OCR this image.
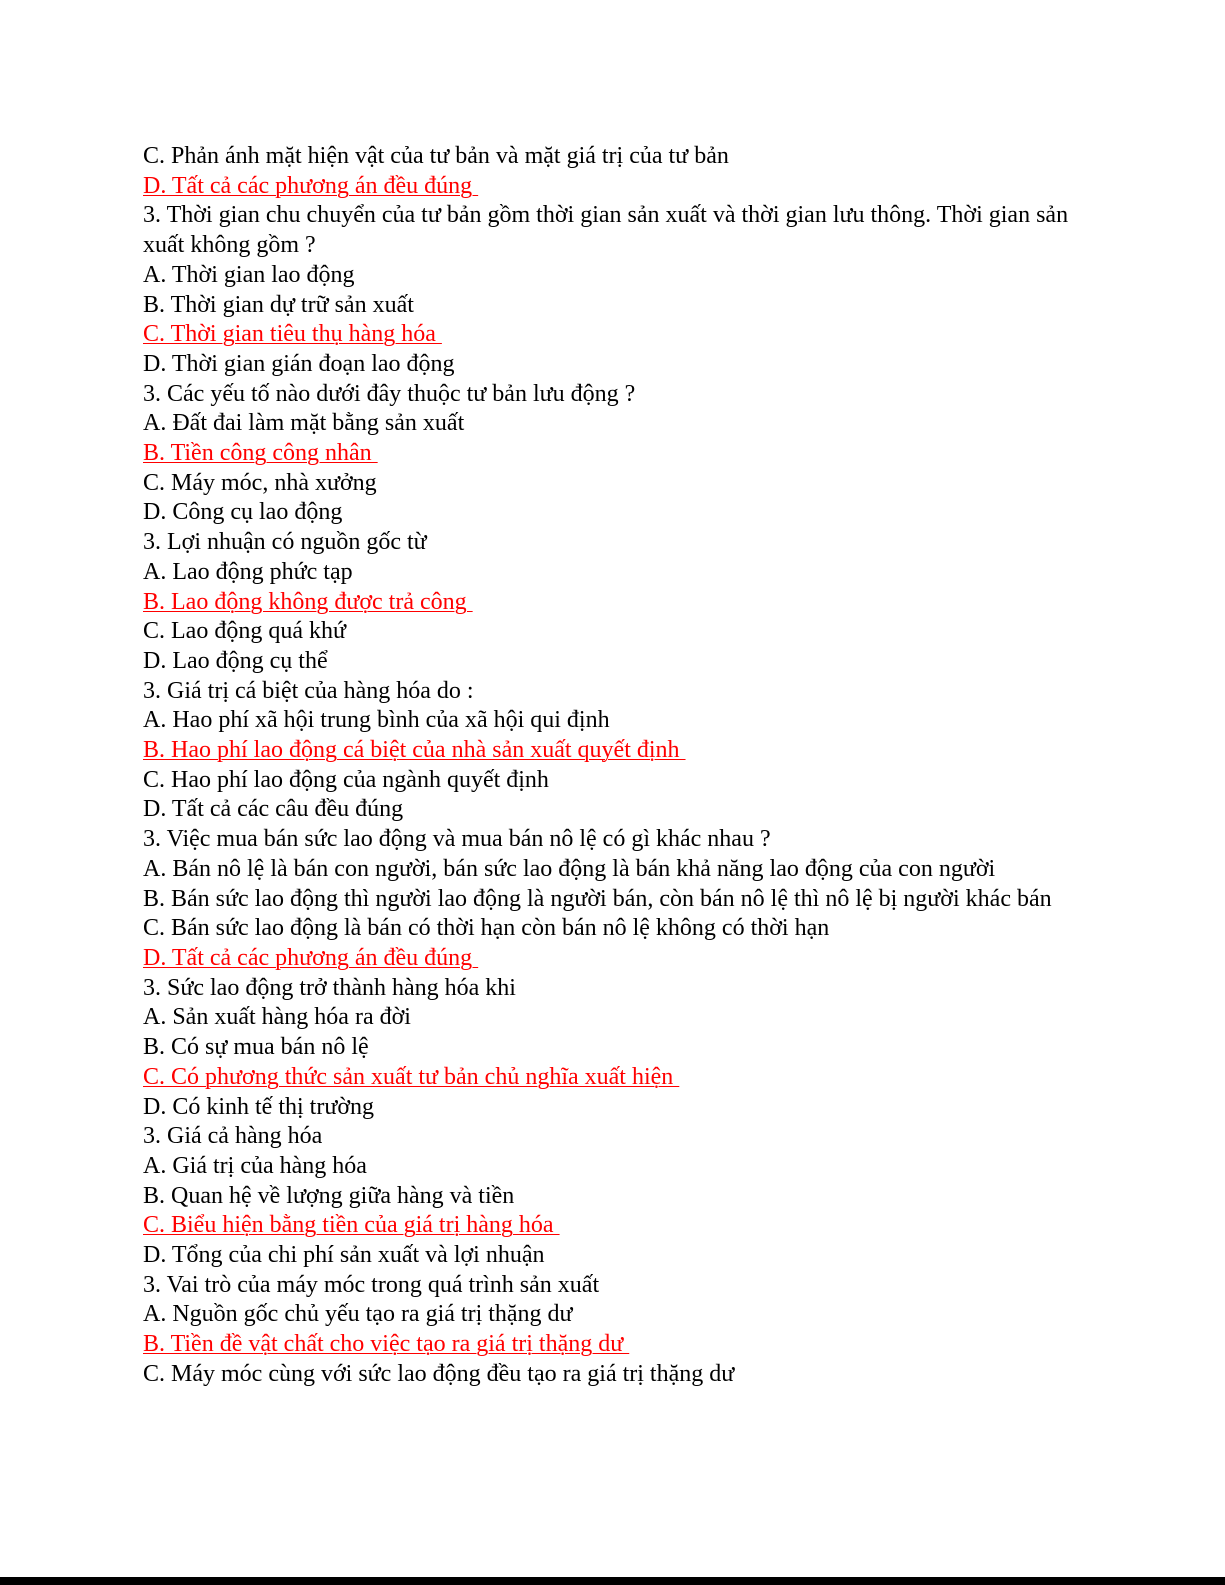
C. Phản ánh mặt hiện vật của tư bản và mặt giá trị của tư bản
D. Tất cả các phương án đều đúng
3. Thời gian chu chuyển của tư bản gồm thời gian sản xuất và thời gian lưu thông. Thời gian sản xuất không gồm ?
A. Thời gian lao động
B. Thời gian dự trữ sản xuất
C. Thời gian tiêu thụ hàng hóa
D. Thời gian gián đoạn lao động
3. Các yếu tố nào dưới đây thuộc tư bản lưu động ?
A. Đất đai làm mặt bằng sản xuất
B. Tiền công công nhân
C. Máy móc, nhà xưởng
D. Công cụ lao động
3. Lợi nhuận có nguồn gốc từ
A. Lao động phức tạp
B. Lao động không được trả công
C. Lao động quá khứ
D. Lao động cụ thể
3. Giá trị cá biệt của hàng hóa do :
A. Hao phí xã hội trung bình của xã hội qui định
B. Hao phí lao động cá biệt của nhà sản xuất quyết định
C. Hao phí lao động của ngành quyết định
D. Tất cả các câu đều đúng
3. Việc mua bán sức lao động và mua bán nô lệ có gì khác nhau ?
A. Bán nô lệ là bán con người, bán sức lao động là bán khả năng lao động của con người
B. Bán sức lao động thì người lao động là người bán, còn bán nô lệ thì nô lệ bị người khác bán
C. Bán sức lao động là bán có thời hạn còn bán nô lệ không có thời hạn
D. Tất cả các phương án đều đúng
3. Sức lao động trở thành hàng hóa khi
A. Sản xuất hàng hóa ra đời
B. Có sự mua bán nô lệ
C. Có phương thức sản xuất tư bản chủ nghĩa xuất hiện
D. Có kinh tế thị trường
3. Giá cả hàng hóa
A. Giá trị của hàng hóa
B. Quan hệ về lượng giữa hàng và tiền
C. Biểu hiện bằng tiền của giá trị hàng hóa
D. Tổng của chi phí sản xuất và lợi nhuận
3. Vai trò của máy móc trong quá trình sản xuất
A. Nguồn gốc chủ yếu tạo ra giá trị thặng dư
B. Tiền đề vật chất cho việc tạo ra giá trị thặng dư
C. Máy móc cùng với sức lao động đều tạo ra giá trị thặng dư
